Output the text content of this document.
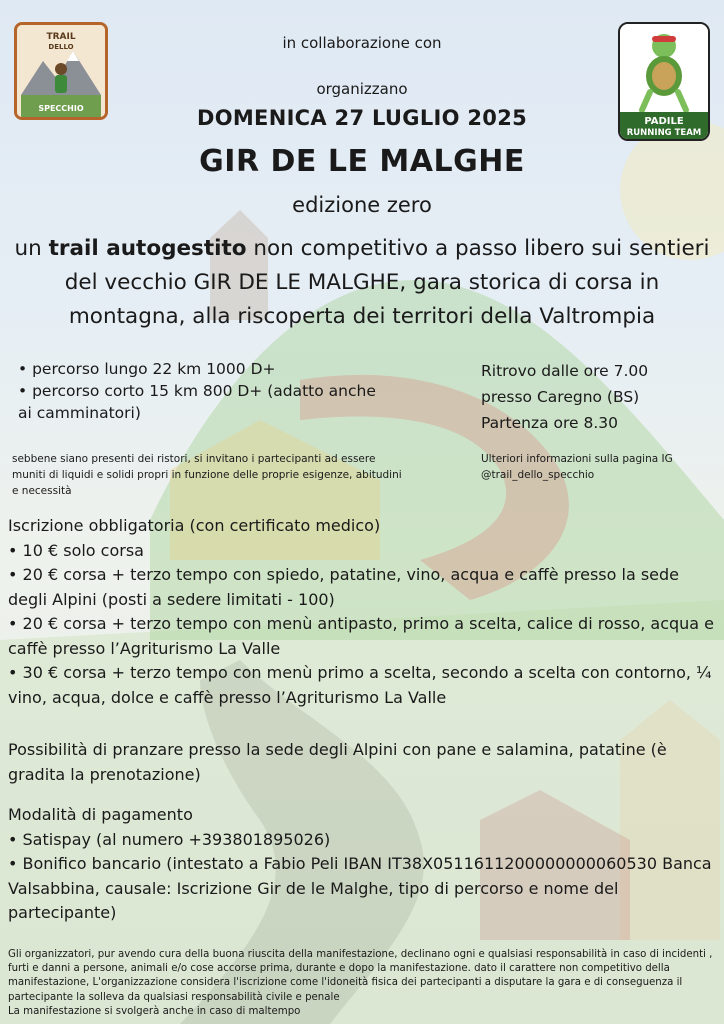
TRAIL
DELLO
SPECCHIO
PADILE
RUNNING TEAM
in collaborazione con
organizzano
DOMENICA 27 LUGLIO 2025
GIR DE LE MALGHE
edizione zero
un trail autogestito non competitivo a passo libero sui sentieri del vecchio GIR DE LE MALGHE, gara storica di corsa in montagna, alla riscoperta dei territori della Valtrompia
• percorso lungo 22 km 1000 D+
• percorso corto 15 km 800 D+ (adatto anche ai camminatori)
Ritrovo dalle ore 7.00
presso Caregno (BS)
Partenza ore 8.30
sebbene siano presenti dei ristori, si invitano i partecipanti ad essere muniti di liquidi e solidi propri in funzione delle proprie esigenze, abitudini e necessità
Ulteriori informazioni sulla pagina IG
@trail_dello_specchio
Iscrizione obbligatoria (con certificato medico)
• 10 € solo corsa
• 20 € corsa + terzo tempo con spiedo, patatine, vino, acqua e caffè presso la sede degli Alpini (posti a sedere limitati - 100)
• 20 € corsa + terzo tempo con menù antipasto, primo a scelta, calice di rosso, acqua e caffè presso l’Agriturismo La Valle
• 30 € corsa + terzo tempo con menù primo a scelta, secondo a scelta con contorno, ¼ vino, acqua, dolce e caffè presso l’Agriturismo La Valle
Possibilità di pranzare presso la sede degli Alpini con pane e salamina, patatine (è gradita la prenotazione)
Modalità di pagamento
• Satispay (al numero +393801895026)
• Bonifico bancario (intestato a Fabio Peli IBAN IT38X0511611200000000060530 Banca Valsabbina, causale: Iscrizione Gir de le Malghe, tipo di percorso e nome del partecipante)
Gli organizzatori, pur avendo cura della buona riuscita della manifestazione, declinano ogni e qualsiasi responsabilità in caso di incidenti , furti e danni a persone, animali e/o cose accorse prima, durante e dopo la manifestazione. dato il carattere non competitivo della manifestazione, L'organizzazione considera l'iscrizione come l'idoneità fisica dei partecipanti a disputare la gara e di conseguenza il partecipante la solleva da qualsiasi responsabilità civile e penale
La manifestazione si svolgerà anche in caso di maltempo
